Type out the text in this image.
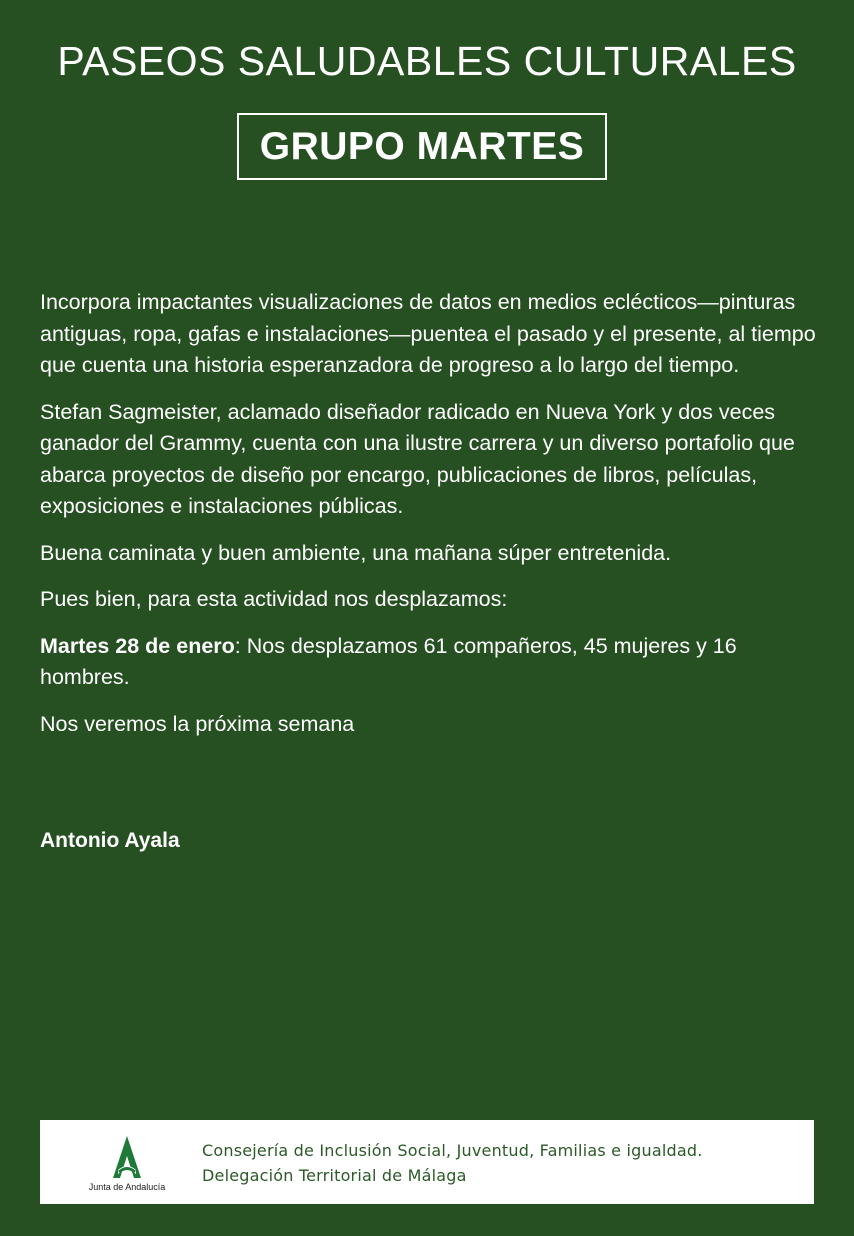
PASEOS SALUDABLES CULTURALES
GRUPO MARTES

Incorpora impactantes visualizaciones de datos en medios eclécticos—pinturas antiguas, ropa, gafas e instalaciones—puentea el pasado y el presente, al tiempo que cuenta una historia esperanzadora de progreso a lo largo del tiempo.

Stefan Sagmeister, aclamado diseñador radicado en Nueva York y dos veces ganador del Grammy, cuenta con una ilustre carrera y un diverso portafolio que abarca proyectos de diseño por encargo, publicaciones de libros, películas, exposiciones e instalaciones públicas.

Buena caminata y buen ambiente, una mañana súper entretenida.

Pues bien, para esta actividad nos desplazamos:

Martes 28 de enero: Nos desplazamos 61 compañeros, 45 mujeres y 16 hombres.

Nos veremos la próxima semana

Antonio Ayala
Junta de Andalucía
Consejería de Inclusión Social, Juventud, Familias e igualdad.
Delegación Territorial de Málaga
